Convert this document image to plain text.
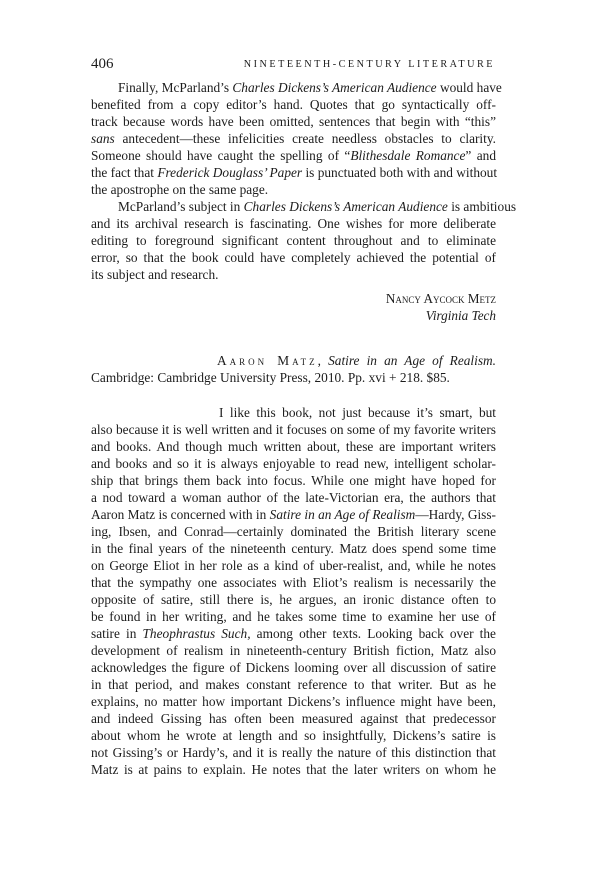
406	NINETEENTH-CENTURY LITERATURE
Finally, McParland’s Charles Dickens’s American Audience would have
benefited from a copy editor’s hand. Quotes that go syntactically off-
track because words have been omitted, sentences that begin with “this”
sans antecedent—these infelicities create needless obstacles to clarity.
Someone should have caught the spelling of “Blithesdale Romance” and
the fact that Frederick Douglass’ Paper is punctuated both with and without
the apostrophe on the same page.
McParland’s subject in Charles Dickens’s American Audience is ambitious
and its archival research is fascinating. One wishes for more deliberate
editing to foreground significant content throughout and to eliminate
error, so that the book could have completely achieved the potential of
its subject and research.
Nancy Aycock Metz
Virginia Tech
Aaron Matz, Satire in an Age of Realism.
Cambridge: Cambridge University Press, 2010. Pp. xvi + 218. $85.
I like this book, not just because it’s smart, but
also because it is well written and it focuses on some of my favorite writers
and books. And though much written about, these are important writers
and books and so it is always enjoyable to read new, intelligent scholar-
ship that brings them back into focus. While one might have hoped for
a nod toward a woman author of the late-Victorian era, the authors that
Aaron Matz is concerned with in Satire in an Age of Realism—Hardy, Giss-
ing, Ibsen, and Conrad—certainly dominated the British literary scene
in the final years of the nineteenth century. Matz does spend some time
on George Eliot in her role as a kind of uber-realist, and, while he notes
that the sympathy one associates with Eliot’s realism is necessarily the
opposite of satire, still there is, he argues, an ironic distance often to
be found in her writing, and he takes some time to examine her use of
satire in Theophrastus Such, among other texts. Looking back over the
development of realism in nineteenth-century British fiction, Matz also
acknowledges the figure of Dickens looming over all discussion of satire
in that period, and makes constant reference to that writer. But as he
explains, no matter how important Dickens’s influence might have been,
and indeed Gissing has often been measured against that predecessor
about whom he wrote at length and so insightfully, Dickens’s satire is
not Gissing’s or Hardy’s, and it is really the nature of this distinction that
Matz is at pains to explain. He notes that the later writers on whom he
